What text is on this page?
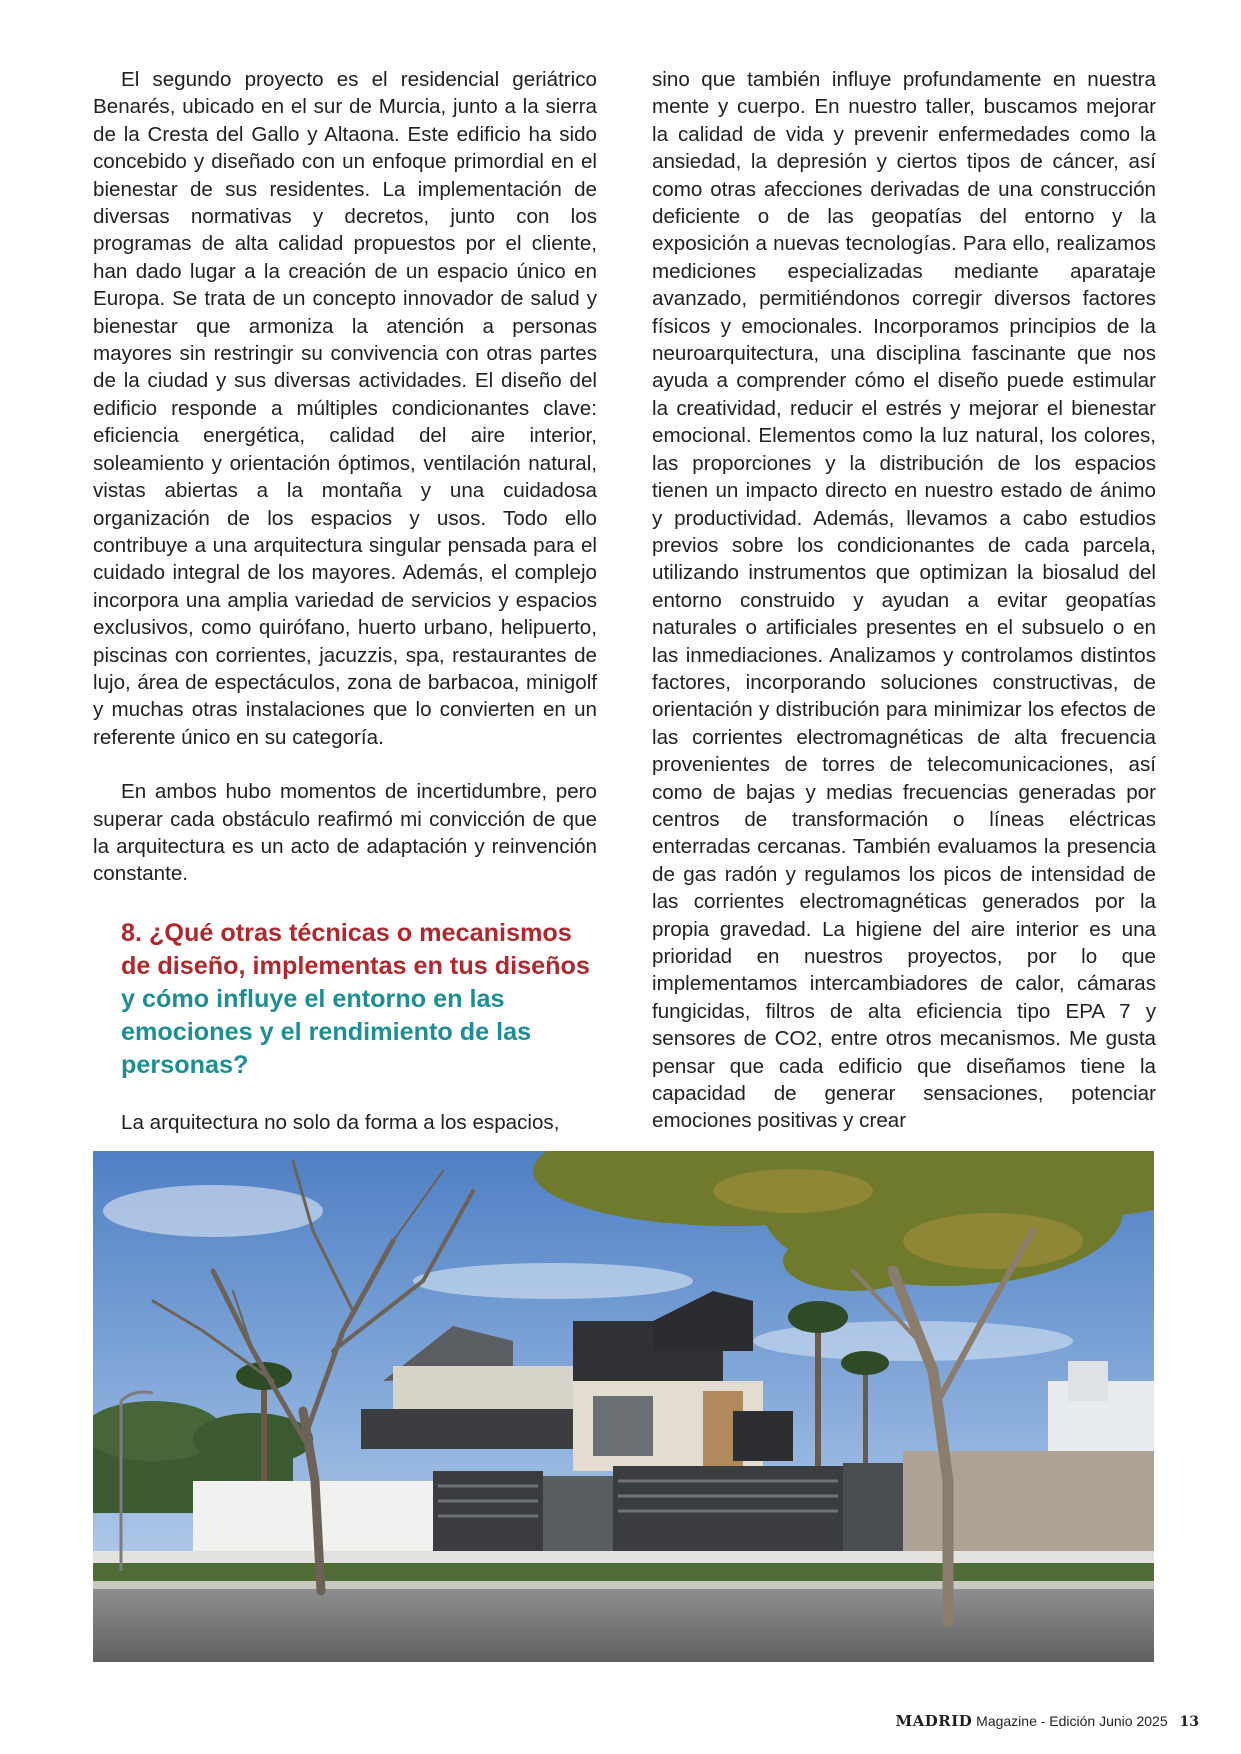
El segundo proyecto es el residencial geriátrico Benarés, ubicado en el sur de Murcia, junto a la sierra de la Cresta del Gallo y Altaona. Este edificio ha sido concebido y diseñado con un enfoque primordial en el bienestar de sus residentes. La implementación de diversas normativas y decretos, junto con los programas de alta calidad propuestos por el cliente, han dado lugar a la creación de un espacio único en Europa. Se trata de un concepto innovador de salud y bienestar que armoniza la atención a personas mayores sin restringir su convivencia con otras partes de la ciudad y sus diversas actividades. El diseño del edificio responde a múltiples condicionantes clave: eficiencia energética, calidad del aire interior, soleamiento y orientación óptimos, ventilación natural, vistas abiertas a la montaña y una cuidadosa organización de los espacios y usos. Todo ello contribuye a una arquitectura singular pensada para el cuidado integral de los mayores. Además, el complejo incorpora una amplia variedad de servicios y espacios exclusivos, como quirófano, huerto urbano, helipuerto, piscinas con corrientes, jacuzzis, spa, restaurantes de lujo, área de espectáculos, zona de barbacoa, minigolf y muchas otras instalaciones que lo convierten en un referente único en su categoría.

En ambos hubo momentos de incertidumbre, pero superar cada obstáculo reafirmó mi convicción de que la arquitectura es un acto de adaptación y reinvención constante.

8. ¿Qué otras técnicas o mecanismos de diseño, implementas en tus diseños y cómo influye el entorno en las emociones y el rendimiento de las personas?

La arquitectura no solo da forma a los espacios,

sino que también influye profundamente en nuestra mente y cuerpo. En nuestro taller, buscamos mejorar la calidad de vida y prevenir enfermedades como la ansiedad, la depresión y ciertos tipos de cáncer, así como otras afecciones derivadas de una construcción deficiente o de las geopatías del entorno y la exposición a nuevas tecnologías. Para ello, realizamos mediciones especializadas mediante aparataje avanzado, permitiéndonos corregir diversos factores físicos y emocionales. Incorporamos principios de la neuroarquitectura, una disciplina fascinante que nos ayuda a comprender cómo el diseño puede estimular la creatividad, reducir el estrés y mejorar el bienestar emocional. Elementos como la luz natural, los colores, las proporciones y la distribución de los espacios tienen un impacto directo en nuestro estado de ánimo y productividad. Además, llevamos a cabo estudios previos sobre los condicionantes de cada parcela, utilizando instrumentos que optimizan la biosalud del entorno construido y ayudan a evitar geopatías naturales o artificiales presentes en el subsuelo o en las inmediaciones. Analizamos y controlamos distintos factores, incorporando soluciones constructivas, de orientación y distribución para minimizar los efectos de las corrientes electromagnéticas de alta frecuencia provenientes de torres de telecomunicaciones, así como de bajas y medias frecuencias generadas por centros de transformación o líneas eléctricas enterradas cercanas. También evaluamos la presencia de gas radón y regulamos los picos de intensidad de las corrientes electromagnéticas generados por la propia gravedad. La higiene del aire interior es una prioridad en nuestros proyectos, por lo que implementamos intercambiadores de calor, cámaras fungicidas, filtros de alta eficiencia tipo EPA 7 y sensores de CO2, entre otros mecanismos. Me gusta pensar que cada edificio que diseñamos tiene la capacidad de generar sensaciones, potenciar emociones positivas y crear

MADRID Magazine - Edición Junio 2025 13
